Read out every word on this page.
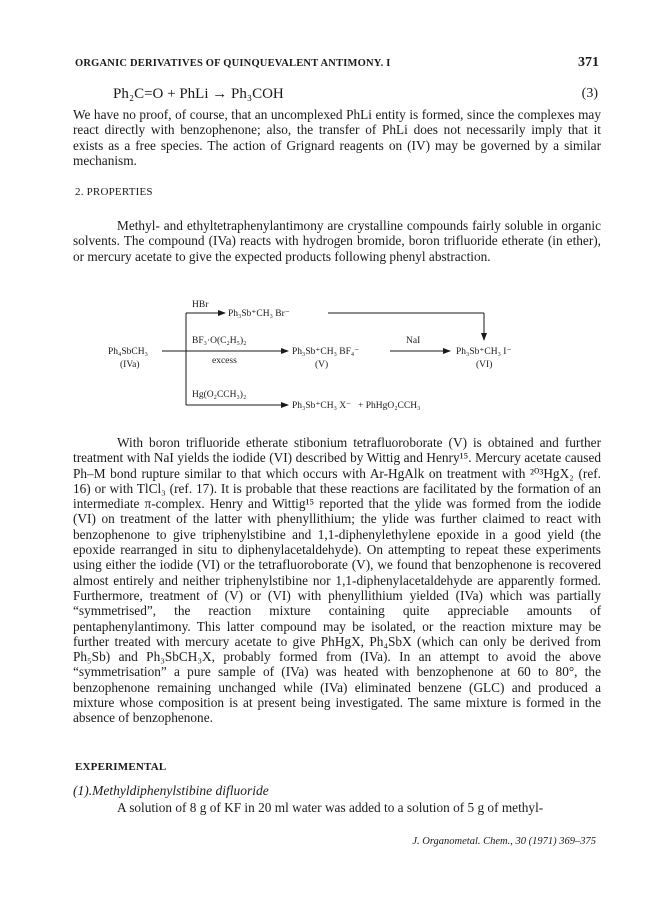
ORGANIC DERIVATIVES OF QUINQUEVALENT ANTIMONY. I	371
Ph₂C=O + PhLi → Ph₃COH	(3)
We have no proof, of course, that an uncomplexed PhLi entity is formed, since the complexes may react directly with benzophenone; also, the transfer of PhLi does not necessarily imply that it exists as a free species. The action of Grignard reagents on (IV) may be governed by a similar mechanism.
2. PROPERTIES
Methyl- and ethyltetraphenylantimony are crystalline compounds fairly soluble in organic solvents. The compound (IVa) reacts with hydrogen bromide, boron trifluoride etherate (in ether), or mercury acetate to give the expected products following phenyl abstraction.
Ph₄SbCH₃
(IVa)
HBr
Ph₃Sb⁺CH₃ Br⁻
BF₃·O(C₂H₅)₂
excess
Ph₃Sb⁺CH₃ BF₄⁻
(V)
NaI
Ph₃Sb⁺CH₃ I⁻
(VI)
Hg(O₂CCH₃)₂
Ph₃Sb⁺CH₃ X⁻ + PhHgO₂CCH₃
With boron trifluoride etherate stibonium tetrafluoroborate (V) is obtained and further treatment with NaI yields the iodide (VI) described by Wittig and Henry¹⁵. Mercury acetate caused Ph–M bond rupture similar to that which occurs with Ar-HgAlk on treatment with ²⁰³HgX₂ (ref. 16) or with TlCl₃ (ref. 17). It is probable that these reactions are facilitated by the formation of an intermediate π-complex. Henry and Wittig¹⁵ reported that the ylide was formed from the iodide (VI) on treatment of the latter with phenyllithium; the ylide was further claimed to react with benzophenone to give triphenylstibine and 1,1-diphenylethylene epoxide in a good yield (the epoxide rearranged in situ to diphenylacetaldehyde). On attempting to repeat these experiments using either the iodide (VI) or the tetrafluoroborate (V), we found that benzophenone is recovered almost entirely and neither triphenylstibine nor 1,1-diphenylacetaldehyde are apparently formed. Furthermore, treatment of (V) or (VI) with phenyllithium yielded (IVa) which was partially “symmetrised”, the reaction mixture containing quite appreciable amounts of pentaphenylantimony. This latter compound may be isolated, or the reaction mixture may be further treated with mercury acetate to give PhHgX, Ph₄SbX (which can only be derived from Ph₅Sb) and Ph₃SbCH₃X, probably formed from (IVa). In an attempt to avoid the above “symmetrisation” a pure sample of (IVa) was heated with benzophenone at 60 to 80°, the benzophenone remaining unchanged while (IVa) eliminated benzene (GLC) and produced a mixture whose composition is at present being investigated. The same mixture is formed in the absence of benzophenone.
EXPERIMENTAL
(1).Methyldiphenylstibine difluoride
A solution of 8 g of KF in 20 ml water was added to a solution of 5 g of methyl-
J. Organometal. Chem., 30 (1971) 369–375
